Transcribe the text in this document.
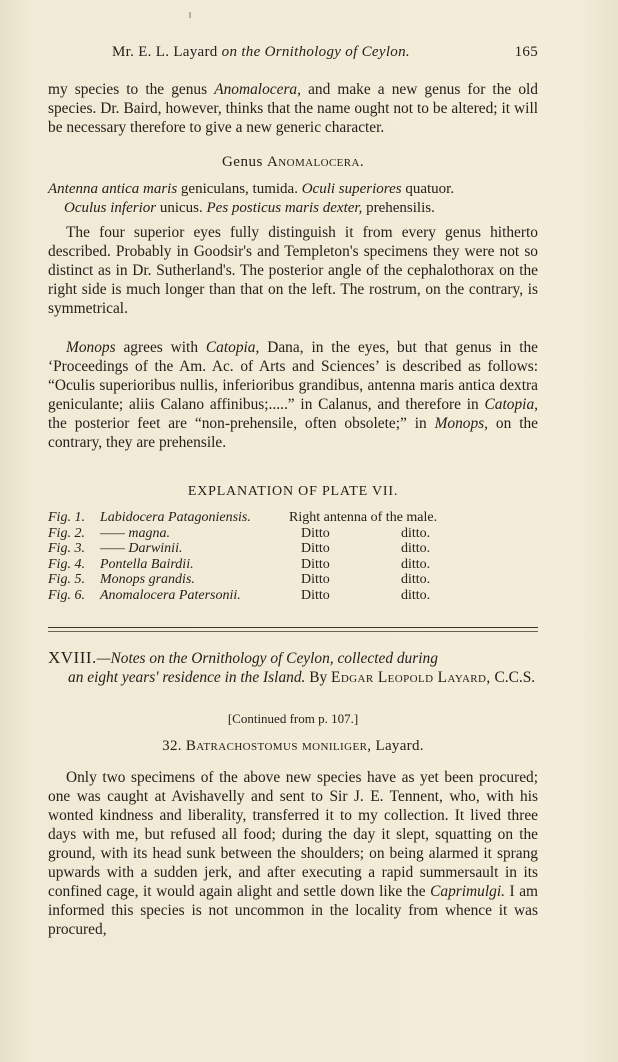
Mr. E. L. Layard on the Ornithology of Ceylon.	165
my species to the genus Anomalocera, and make a new genus for the old species. Dr. Baird, however, thinks that the name ought not to be altered; it will be necessary therefore to give a new generic character.
Genus Anomalocera.
Antenna antica maris geniculans, tumida. Oculi superiores quatuor.
Oculus inferior unicus. Pes posticus maris dexter, prehensilis.
The four superior eyes fully distinguish it from every genus hitherto described. Probably in Goodsir's and Templeton's specimens they were not so distinct as in Dr. Sutherland's. The posterior angle of the cephalothorax on the right side is much longer than that on the left. The rostrum, on the contrary, is symmetrical.
Monops agrees with Catopia, Dana, in the eyes, but that genus in the ‘Proceedings of the Am. Ac. of Arts and Sciences’ is described as follows: “Oculis superioribus nullis, inferioribus grandibus, antenna maris antica dextra geniculante; aliis Calano affinibus;.....” in Calanus, and therefore in Catopia, the posterior feet are “non-prehensile, often obsolete;” in Monops, on the contrary, they are prehensile.
EXPLANATION OF PLATE VII.
Fig. 1.	Labidocera Patagoniensis.	Right antenna of the male.	
Fig. 2.	—— magna.	Ditto	ditto.
Fig. 3.	—— Darwinii.	Ditto	ditto.
Fig. 4.	Pontella Bairdii.	Ditto	ditto.
Fig. 5.	Monops grandis.	Ditto	ditto.
Fig. 6.	Anomalocera Patersonii.	Ditto	ditto.
XVIII.—Notes on the Ornithology of Ceylon, collected during
an eight years' residence in the Island. By Edgar Leopold Layard, C.C.S.
[Continued from p. 107.]
32. Batrachostomus moniliger, Layard.
Only two specimens of the above new species have as yet been procured; one was caught at Avishavelly and sent to Sir J. E. Tennent, who, with his wonted kindness and liberality, transferred it to my collection. It lived three days with me, but refused all food; during the day it slept, squatting on the ground, with its head sunk between the shoulders; on being alarmed it sprang upwards with a sudden jerk, and after executing a rapid summersault in its confined cage, it would again alight and settle down like the Caprimulgi. I am informed this species is not uncommon in the locality from whence it was procured,
